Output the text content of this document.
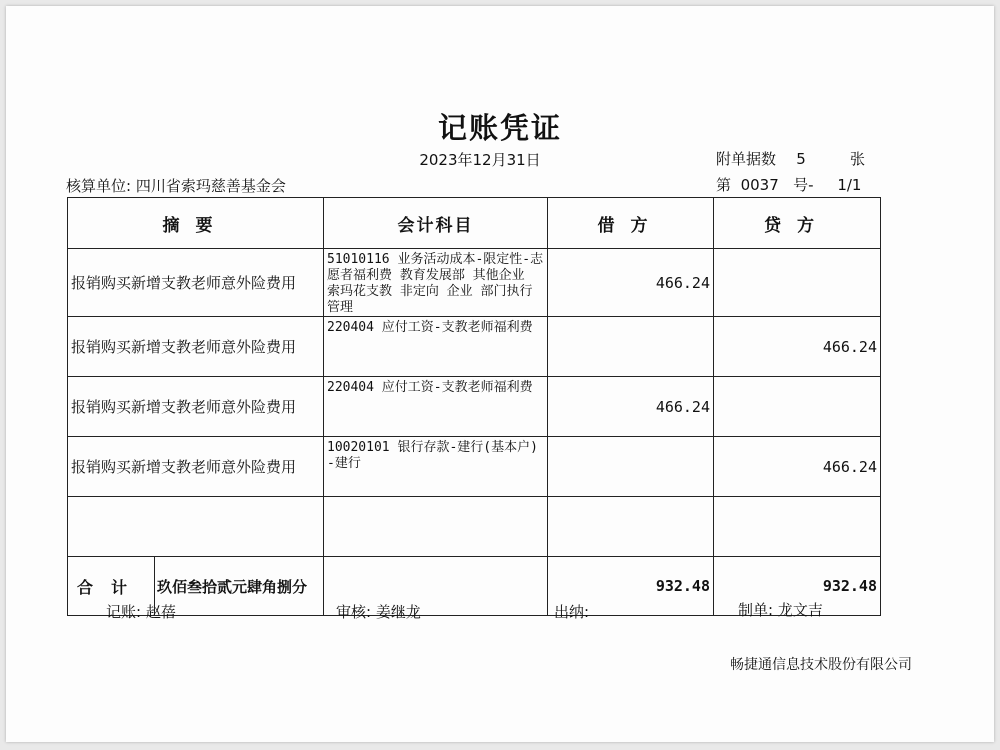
记账凭证
2023年12月31日	附单据数 5	张
核算单位: 四川省索玛慈善基金会	第 0037 号- 1/1
摘要	会计科目	借方	贷方
报销购买新增支教老师意外险费用	51010116 业务活动成本-限定性-志愿者福利费 教育发展部 其他企业 索玛花支教 非定向 企业 部门执行管理	466.24	
报销购买新增支教老师意外险费用	220404 应付工资-支教老师福利费		466.24
报销购买新增支教老师意外险费用	220404 应付工资-支教老师福利费	466.24	
报销购买新增支教老师意外险费用	10020101 银行存款-建行(基本户)-建行		466.24

合计 玖佰叁拾贰元肆角捌分		932.48	932.48
记账: 赵蓓	审核: 姜继龙	出纳:	制单: 龙文吉
畅捷通信息技术股份有限公司
